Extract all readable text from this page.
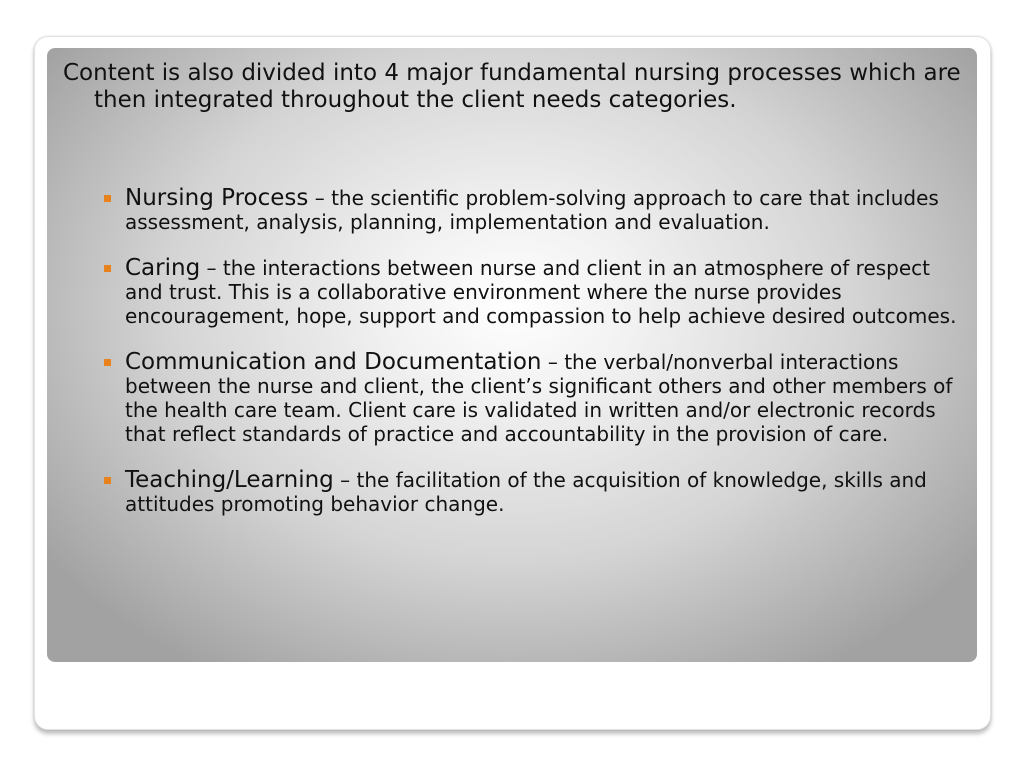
Content is also divided into 4 major fundamental nursing processes which are then integrated throughout the client needs categories.

Nursing Process – the scientific problem-solving approach to care that includes assessment, analysis, planning, implementation and evaluation.
Caring – the interactions between nurse and client in an atmosphere of respect and trust. This is a collaborative environment where the nurse provides encouragement, hope, support and compassion to help achieve desired outcomes.
Communication and Documentation – the verbal/nonverbal interactions between the nurse and client, the client’s significant others and other members of the health care team. Client care is validated in written and/or electronic records that reflect standards of practice and accountability in the provision of care.
Teaching/Learning – the facilitation of the acquisition of knowledge, skills and attitudes promoting behavior change.
